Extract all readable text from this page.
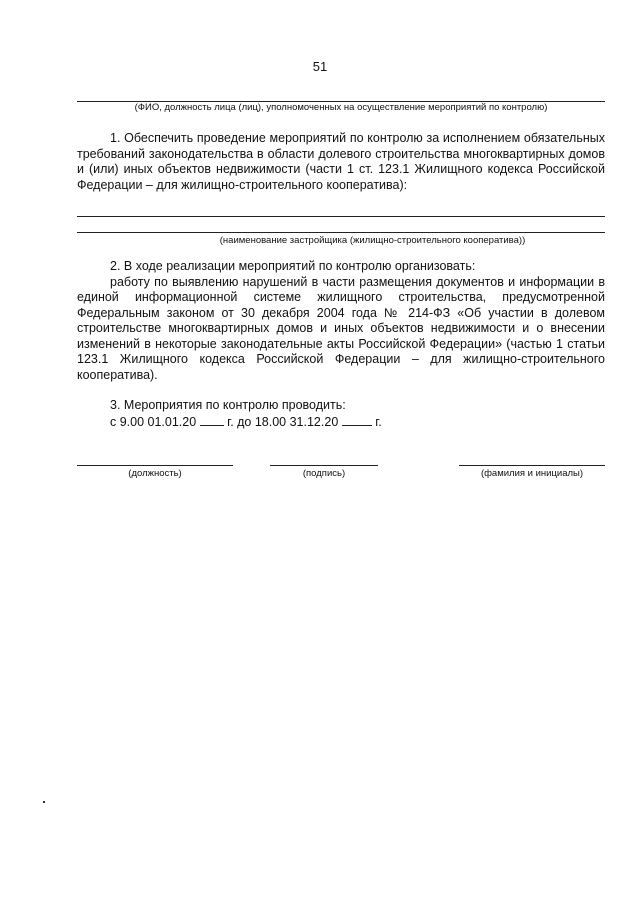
51
(ФИО, должность лица (лиц), уполномоченных на осуществление мероприятий по контролю)

1. Обеспечить проведение мероприятий по контролю за исполнением обязательных требований законодательства в области долевого строительства многоквартирных домов и (или) иных объектов недвижимости (части 1 ст. 123.1 Жилищного кодекса Российской Федерации – для жилищно-строительного кооператива):

(наименование застройщика (жилищно-строительного кооператива))

2. В ходе реализации мероприятий по контролю организовать:

работу по выявлению нарушений в части размещения документов и информации в единой информационной системе жилищного строительства, предусмотренной Федеральным законом от 30 декабря 2004 года № 214-ФЗ «Об участии в долевом строительстве многоквартирных домов и иных объектов недвижимости и о внесении изменений в некоторые законодательные акты Российской Федерации» (частью 1 статьи 123.1 Жилищного кодекса Российской Федерации – для жилищно-строительного кооператива).

3. Мероприятия по контролю проводить:

с 9.00 01.01.20 г. до 18.00 31.12.20	г.

(должность)	(подпись)	(фамилия и инициалы)
